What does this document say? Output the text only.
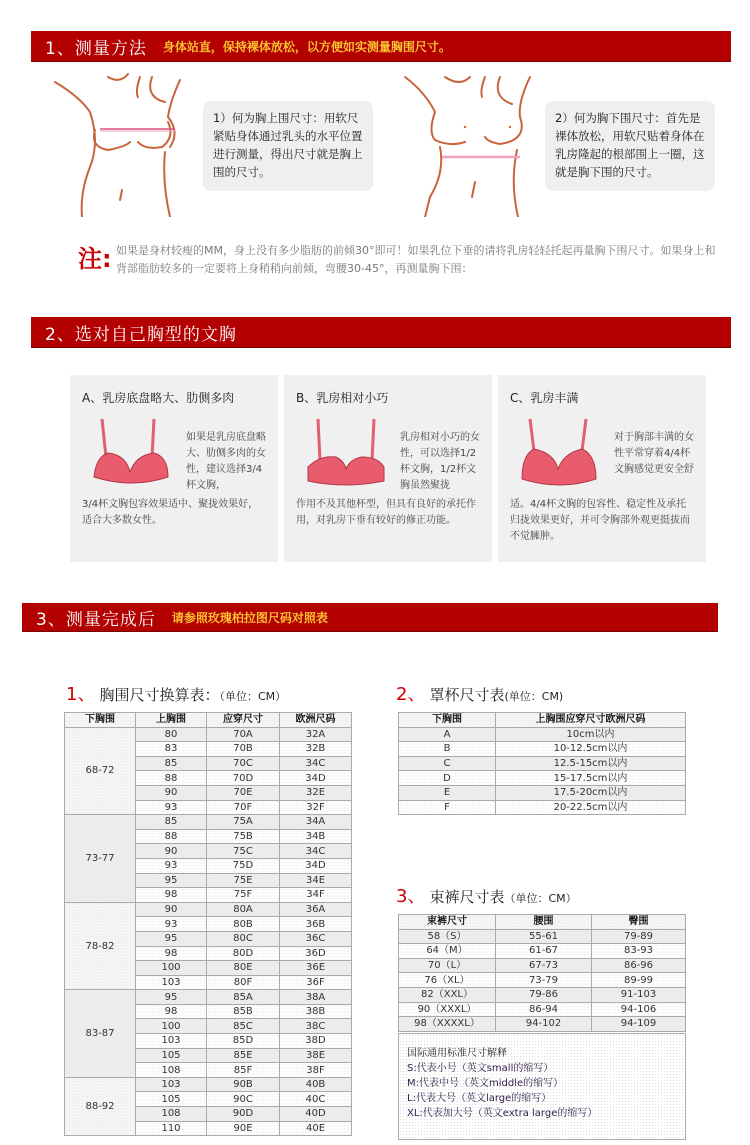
1、测量方法 身体站直，保持裸体放松，以方便如实测量胸围尺寸。
1）何为胸上围尺寸：用软尺紧贴身体通过乳头的水平位置进行测量，得出尺寸就是胸上围的尺寸。
2）何为胸下围尺寸：首先是裸体放松，用软尺贴着身体在乳房隆起的根部围上一圈，这就是胸下围的尺寸。
注: 如果是身材较瘦的MM，身上没有多少脂肪的前倾30°即可！如果乳位下垂的请将乳房轻轻托起再量胸下围尺寸。如果身上和背部脂肪较多的一定要将上身稍稍向前倾，弯腰30-45°，再测量胸下围：
2、选对自己胸型的文胸
A、乳房底盘略大、肋侧多肉
如果是乳房底盘略大、肋侧多肉的女性，建议选择3/4杯文胸，
3/4杯文胸包容效果适中、聚拢效果好，适合大多数女性。
B、乳房相对小巧
乳房相对小巧的女性，可以选择1/2杯文胸，1/2杯文胸虽然聚拢
作用不及其他杯型，但具有良好的承托作用，对乳房下垂有较好的修正功能。
C、乳房丰满
对于胸部丰满的女性平常穿着4/4杯文胸感觉更安全舒
适。4/4杯文胸的包容性、稳定性及承托归拢效果更好，并可令胸部外观更挺拔而不觉臃肿。
3、测量完成后 请参照玫瑰柏拉图尺码对照表
1、 胸围尺寸换算表：（单位：CM）
下胸围	上胸围	应穿尺寸	欧洲尺码
68-72	80	70A	32A
	83	70B	32B
	85	70C	34C
	88	70D	34D
	90	70E	32E
	93	70F	32F
73-77	85	75A	34A
	88	75B	34B
	90	75C	34C
	93	75D	34D
	95	75E	34E
	98	75F	34F
78-82	90	80A	36A
	93	80B	36B
	95	80C	36C
	98	80D	36D
	100	80E	36E
	103	80F	36F
83-87	95	85A	38A
	98	85B	38B
	100	85C	38C
	103	85D	38D
	105	85E	38E
	108	85F	38F
88-92	103	90B	40B
	105	90C	40C
	108	90D	40D
	110	90E	40E
2、 罩杯尺寸表(单位：CM)
下胸围	上胸围应穿尺寸欧洲尺码
A	10cm以内
B	10-12.5cm以内
C	12.5-15cm以内
D	15-17.5cm以内
E	17.5-20cm以内
F	20-22.5cm以内
3、 束裤尺寸表（单位：CM）
束裤尺寸	腰围	臀围
58（S）	55-61	79-89
64（M）	61-67	83-93
70（L）	67-73	86-96
76（XL）	73-79	89-99
82（XXL）	79-86	91-103
90（XXXL）	86-94	94-106
98（XXXXL）	94-102	94-109
国际通用标准尺寸解释
S:代表小号（英文small的缩写）
M:代表中号（英文middle的缩写）
L:代表大号（英文large的缩写）
XL:代表加大号（英文extra large的缩写）
